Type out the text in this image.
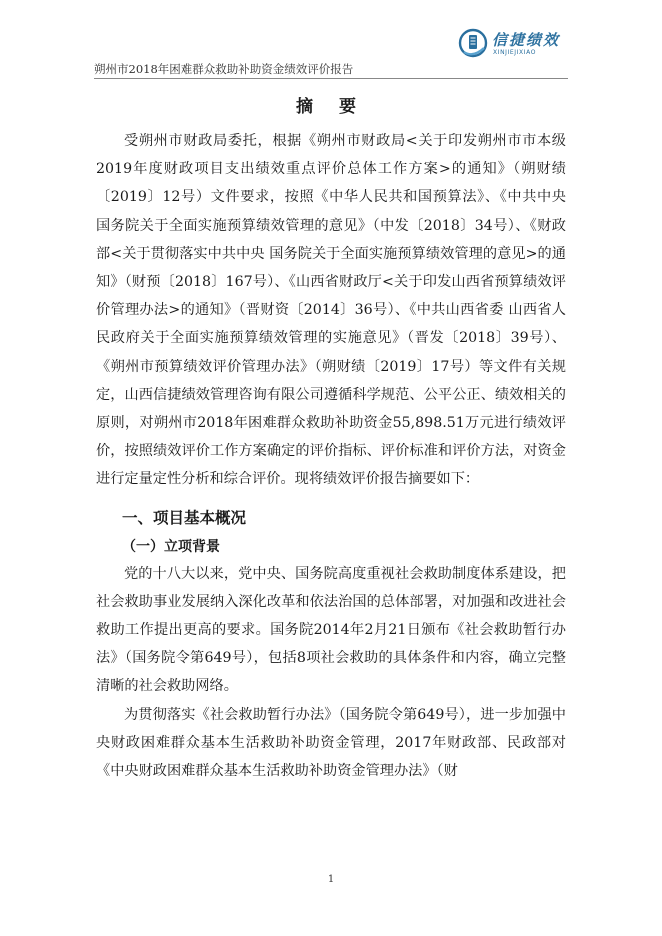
朔州市2018年困难群众救助补助资金绩效评价报告
信捷绩效
XINJIEJIXIAO
摘 要

受朔州市财政局委托，根据《朔州市财政局<关于印发朔州市市本级2019年度财政项目支出绩效重点评价总体工作方案>的通知》（朔财绩〔2019〕12号）文件要求，按照《中华人民共和国预算法》、《中共中央 国务院关于全面实施预算绩效管理的意见》（中发〔2018〕34号）、《财政部<关于贯彻落实中共中央 国务院关于全面实施预算绩效管理的意见>的通知》（财预〔2018〕167号）、《山西省财政厅<关于印发山西省预算绩效评价管理办法>的通知》（晋财资〔2014〕36号）、《中共山西省委 山西省人民政府关于全面实施预算绩效管理的实施意见》（晋发〔2018〕39号）、《朔州市预算绩效评价管理办法》（朔财绩〔2019〕17号）等文件有关规定，山西信捷绩效管理咨询有限公司遵循科学规范、公平公正、绩效相关的原则，对朔州市2018年困难群众救助补助资金55,898.51万元进行绩效评价，按照绩效评价工作方案确定的评价指标、评价标准和评价方法，对资金进行定量定性分析和综合评价。现将绩效评价报告摘要如下：

一、项目基本概况
（一）立项背景

党的十八大以来，党中央、国务院高度重视社会救助制度体系建设，把社会救助事业发展纳入深化改革和依法治国的总体部署，对加强和改进社会救助工作提出更高的要求。国务院2014年2月21日颁布《社会救助暂行办法》（国务院令第649号），包括8项社会救助的具体条件和内容，确立完整清晰的社会救助网络。

为贯彻落实《社会救助暂行办法》（国务院令第649号），进一步加强中央财政困难群众基本生活救助补助资金管理，2017年财政部、民政部对《中央财政困难群众基本生活救助补助资金管理办法》（财

1
